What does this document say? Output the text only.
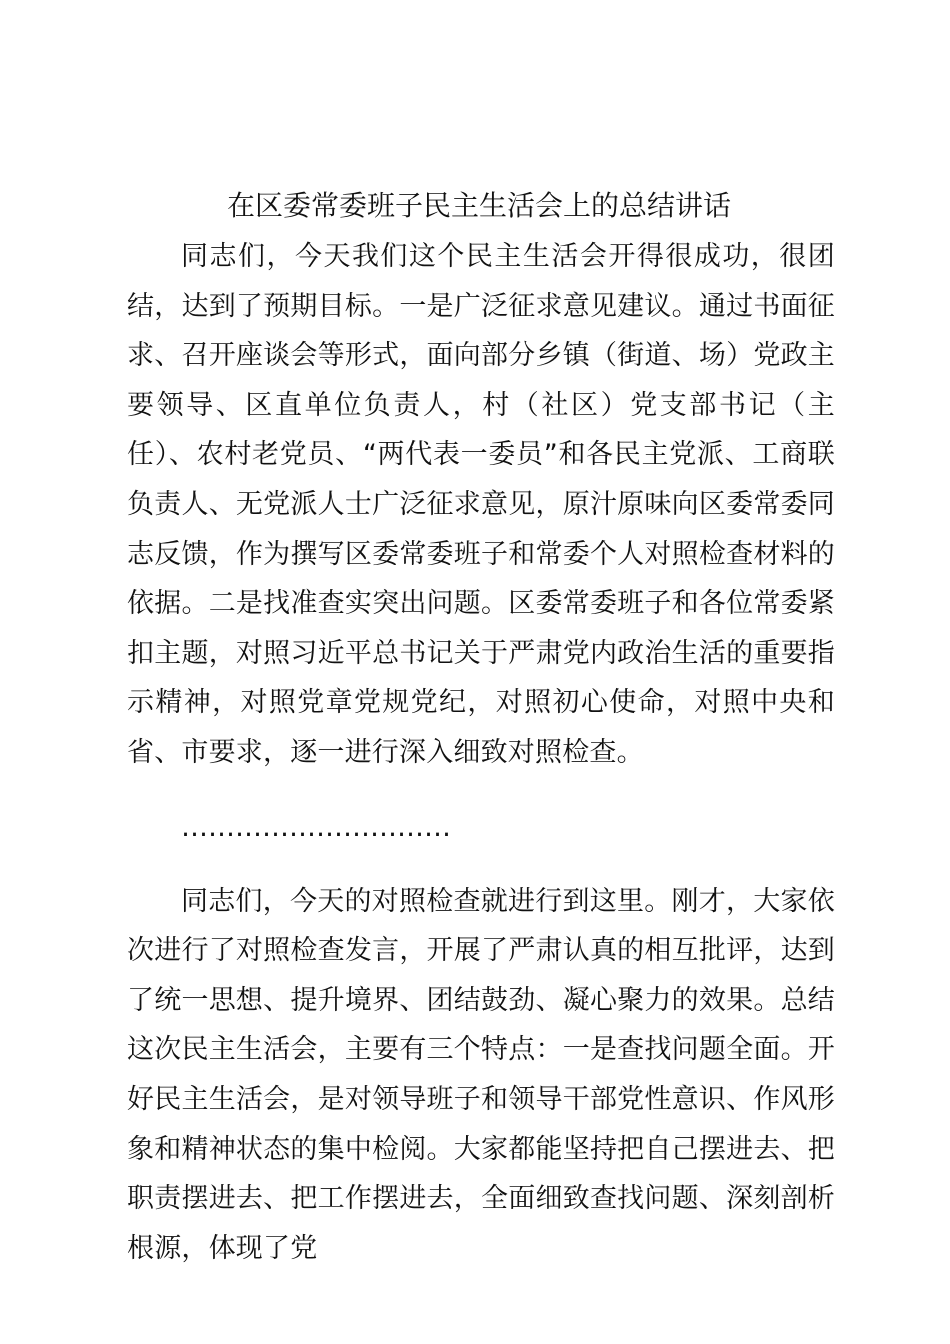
在区委常委班子民主生活会上的总结讲话

同志们，今天我们这个民主生活会开得很成功，很团结，达到了预期目标。一是广泛征求意见建议。通过书面征求、召开座谈会等形式，面向部分乡镇（街道、场）党政主要领导、区直单位负责人，村（社区）党支部书记（主任）、农村老党员、“两代表一委员”和各民主党派、工商联负责人、无党派人士广泛征求意见，原汁原味向区委常委同志反馈，作为撰写区委常委班子和常委个人对照检查材料的依据。二是找准查实突出问题。区委常委班子和各位常委紧扣主题，对照习近平总书记关于严肃党内政治生活的重要指示精神，对照党章党规党纪，对照初心使命，对照中央和省、市要求，逐一进行深入细致对照检查。

…………………………

同志们，今天的对照检查就进行到这里。刚才，大家依次进行了对照检查发言，开展了严肃认真的相互批评，达到了统一思想、提升境界、团结鼓劲、凝心聚力的效果。总结这次民主生活会，主要有三个特点：一是查找问题全面。开好民主生活会，是对领导班子和领导干部党性意识、作风形象和精神状态的集中检阅。大家都能坚持把自己摆进去、把职责摆进去、把工作摆进去，全面细致查找问题、深刻剖析根源，体现了党
